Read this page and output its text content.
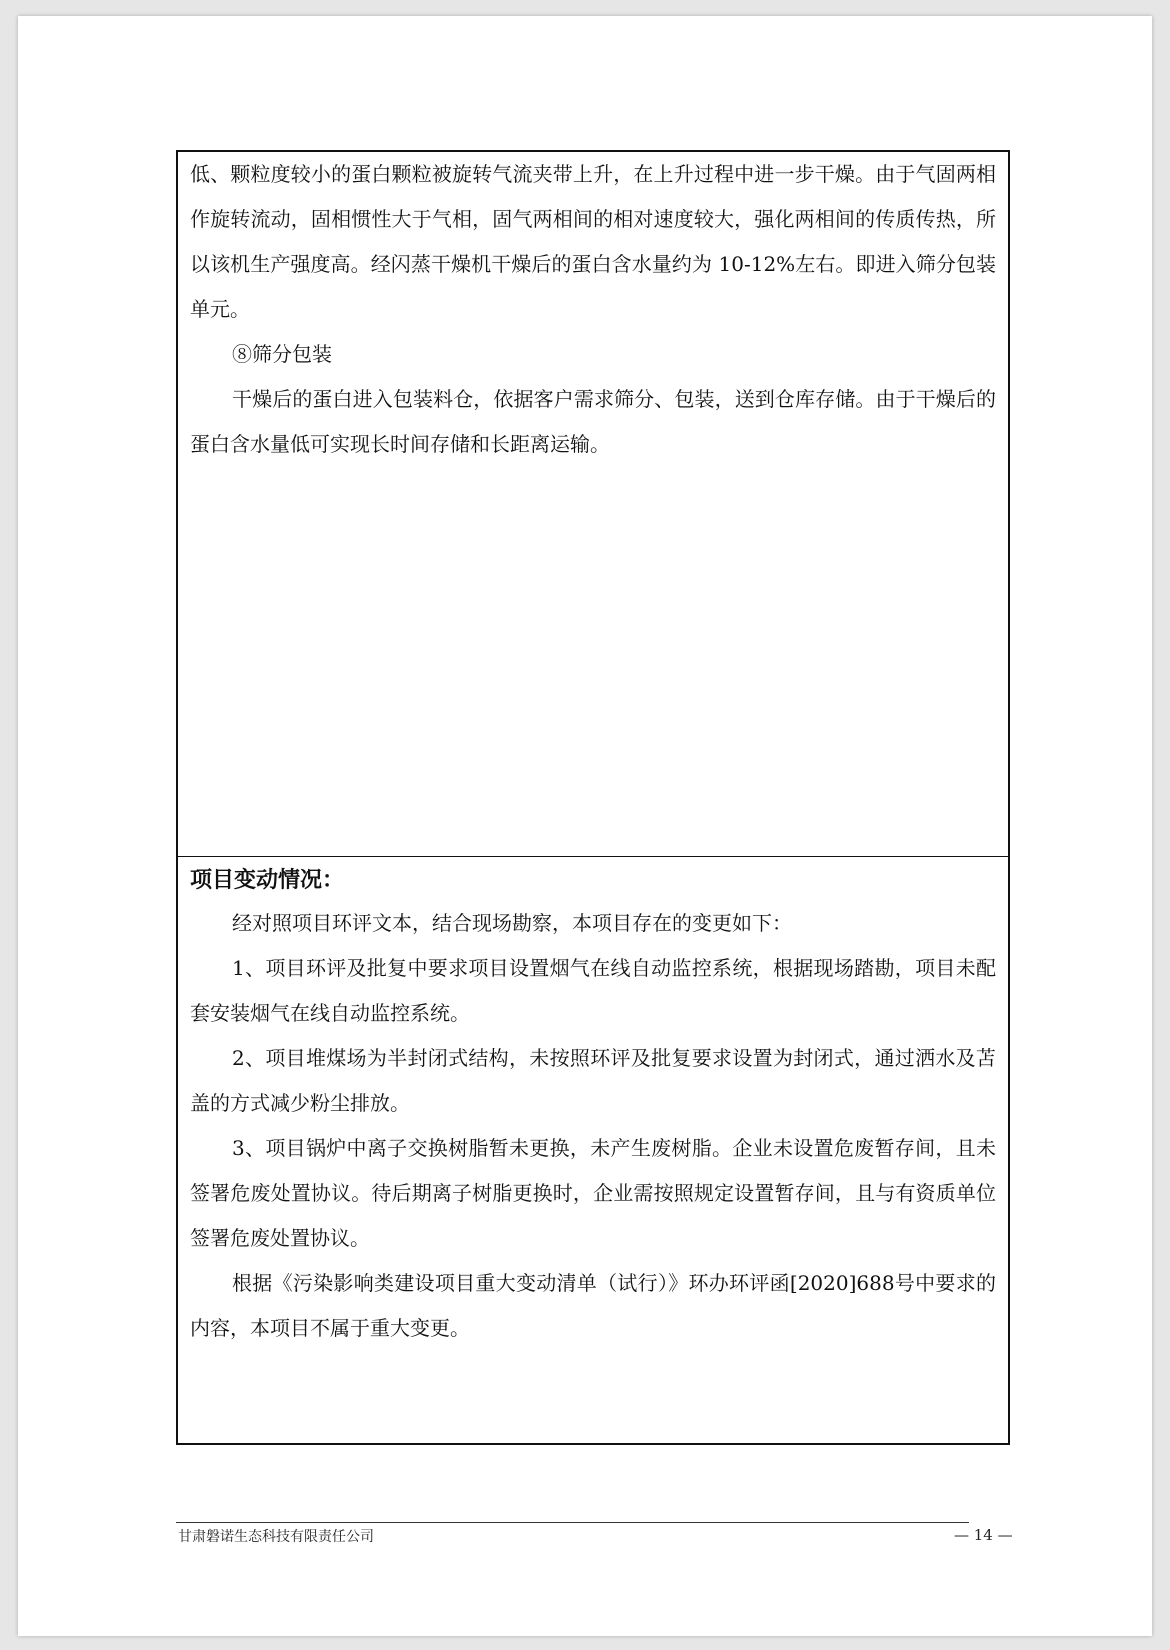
低、颗粒度较小的蛋白颗粒被旋转气流夹带上升，在上升过程中进一步干燥。由于气固两相作旋转流动，固相惯性大于气相，固气两相间的相对速度较大，强化两相间的传质传热，所以该机生产强度高。经闪蒸干燥机干燥后的蛋白含水量约为 10-12%左右。即进入筛分包装单元。

⑧筛分包装

干燥后的蛋白进入包装料仓，依据客户需求筛分、包装，送到仓库存储。由于干燥后的蛋白含水量低可实现长时间存储和长距离运输。

项目变动情况：

经对照项目环评文本，结合现场勘察，本项目存在的变更如下：

1、项目环评及批复中要求项目设置烟气在线自动监控系统，根据现场踏勘，项目未配套安装烟气在线自动监控系统。

2、项目堆煤场为半封闭式结构，未按照环评及批复要求设置为封闭式，通过洒水及苫盖的方式减少粉尘排放。

3、项目锅炉中离子交换树脂暂未更换，未产生废树脂。企业未设置危废暂存间，且未签署危废处置协议。待后期离子树脂更换时，企业需按照规定设置暂存间，且与有资质单位签署危废处置协议。

根据《污染影响类建设项目重大变动清单（试行）》环办环评函[2020]688号中要求的内容，本项目不属于重大变更。

甘肃磐诺生态科技有限责任公司	— 14 —
